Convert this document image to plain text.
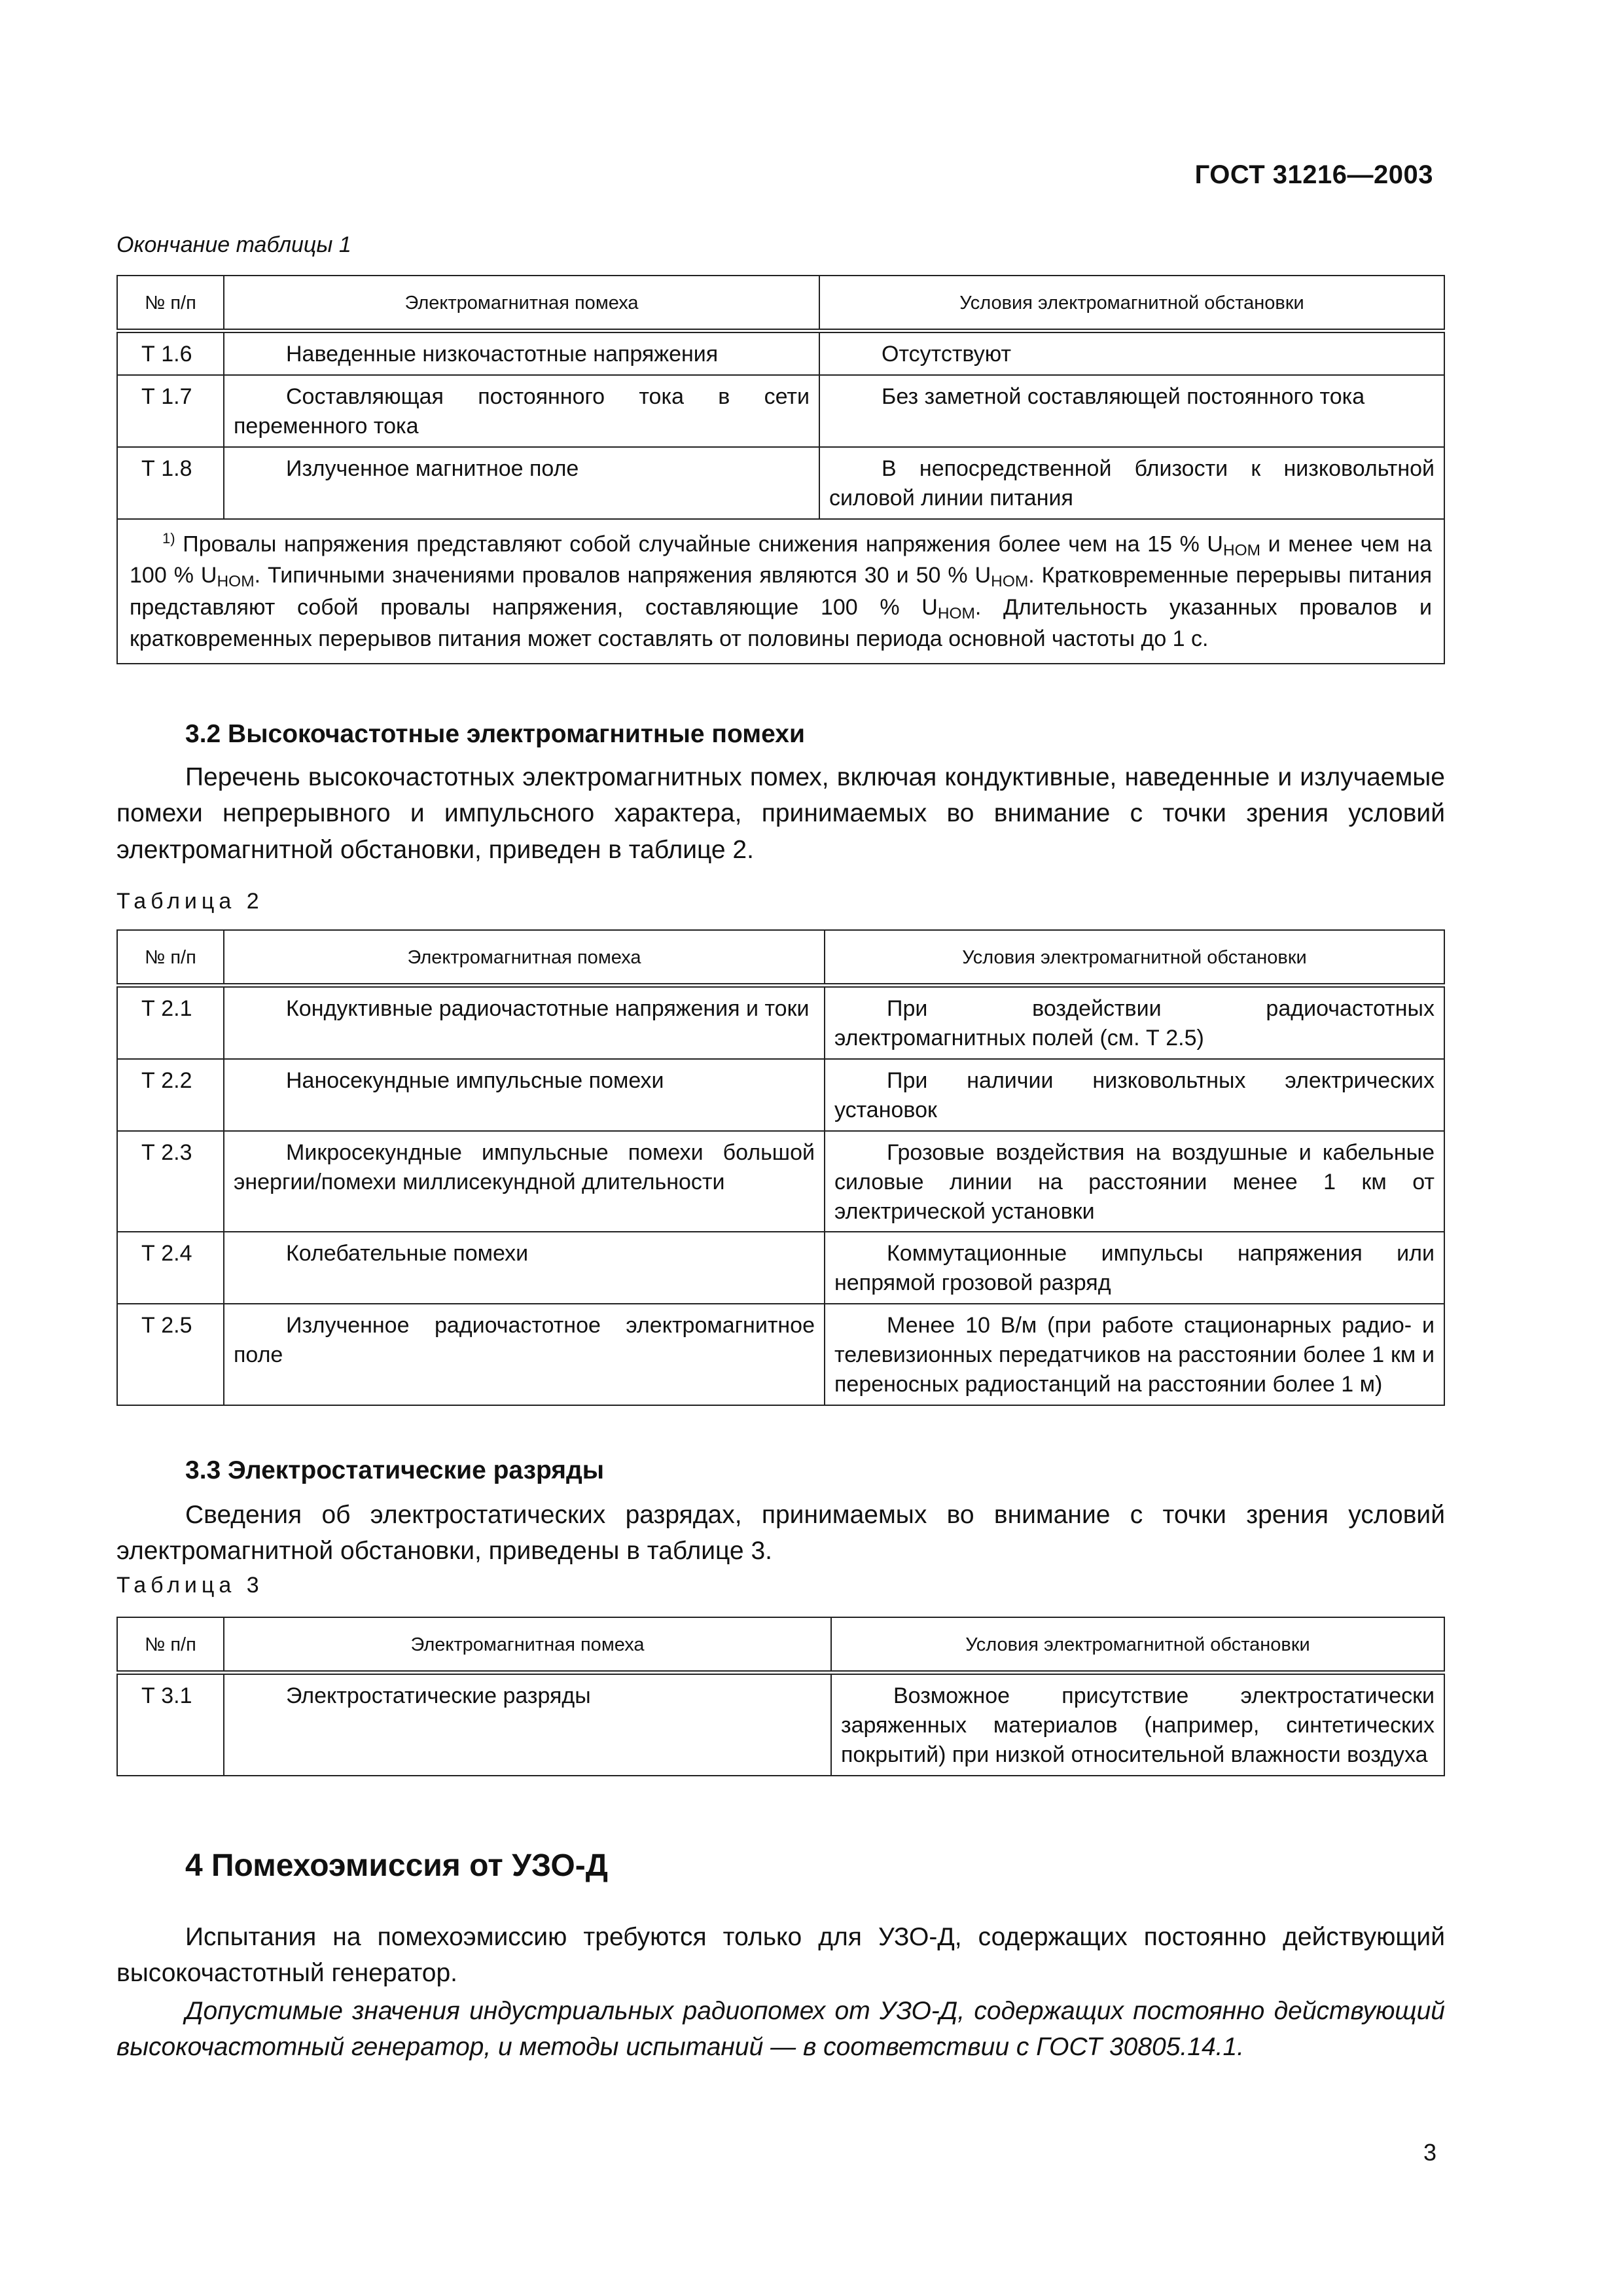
ГОСТ 31216—2003
Окончание таблицы 1
№ п/п	Электромагнитная помеха	Условия электромагнитной обстановки
Т 1.6	Наведенные низкочастотные напряжения	Отсутствуют
Т 1.7	Составляющая постоянного тока в сети переменного тока	Без заметной составляющей постоянного тока
Т 1.8	Излученное магнитное поле	В непосредственной близости к низковольтной силовой линии питания
$^{1)}$ Провалы напряжения представляют собой случайные снижения напряжения более чем на 15 % $U_{НОМ}$ и менее чем на 100 % $U_{НОМ}$. Типичными значениями провалов напряжения являются 30 и 50 % $U_{НОМ}$. Кратковременные перерывы питания представляют собой провалы напряжения, составляющие 100 % $U_{НОМ}$. Длительность указанных провалов и кратковременных перерывов питания может составлять от половины периода основной частоты до 1 с.		
3.2 Высокочастотные электромагнитные помехи

Перечень высокочастотных электромагнитных помех, включая кондуктивные, наведенные и излучаемые помехи непрерывного и импульсного характера, принимаемых во внимание с точки зрения условий электромагнитной обстановки, приведен в таблице 2.

Таблица 2
№ п/п	Электромагнитная помеха	Условия электромагнитной обстановки
Т 2.1	Кондуктивные радиочастотные напряжения и токи	При воздействии радиочастотных электромагнитных полей (см. Т 2.5)
Т 2.2	Наносекундные импульсные помехи	При наличии низковольтных электрических установок
Т 2.3	Микросекундные импульсные помехи большой энергии/помехи миллисекундной длительности	Грозовые воздействия на воздушные и кабельные силовые линии на расстоянии менее 1 км от электрической установки
Т 2.4	Колебательные помехи	Коммутационные импульсы напряжения или непрямой грозовой разряд
Т 2.5	Излученное радиочастотное электромагнитное поле	Менее 10 В/м (при работе стационарных радио- и телевизионных передатчиков на расстоянии более 1 км и переносных радиостанций на расстоянии более 1 м)
3.3 Электростатические разряды

Сведения об электростатических разрядах, принимаемых во внимание с точки зрения условий электромагнитной обстановки, приведены в таблице 3.

Таблица 3
№ п/п	Электромагнитная помеха	Условия электромагнитной обстановки
Т 3.1	Электростатические разряды	Возможное присутствие электростатически заряженных материалов (например, синтетических покрытий) при низкой относительной влажности воздуха
4 Помехоэмиссия от УЗО-Д

Испытания на помехоэмиссию требуются только для УЗО-Д, содержащих постоянно действующий высокочастотный генератор.

Допустимые значения индустриальных радиопомех от УЗО-Д, содержащих постоянно действующий высокочастотный генератор, и методы испытаний — в соответствии с ГОСТ 30805.14.1.

3
